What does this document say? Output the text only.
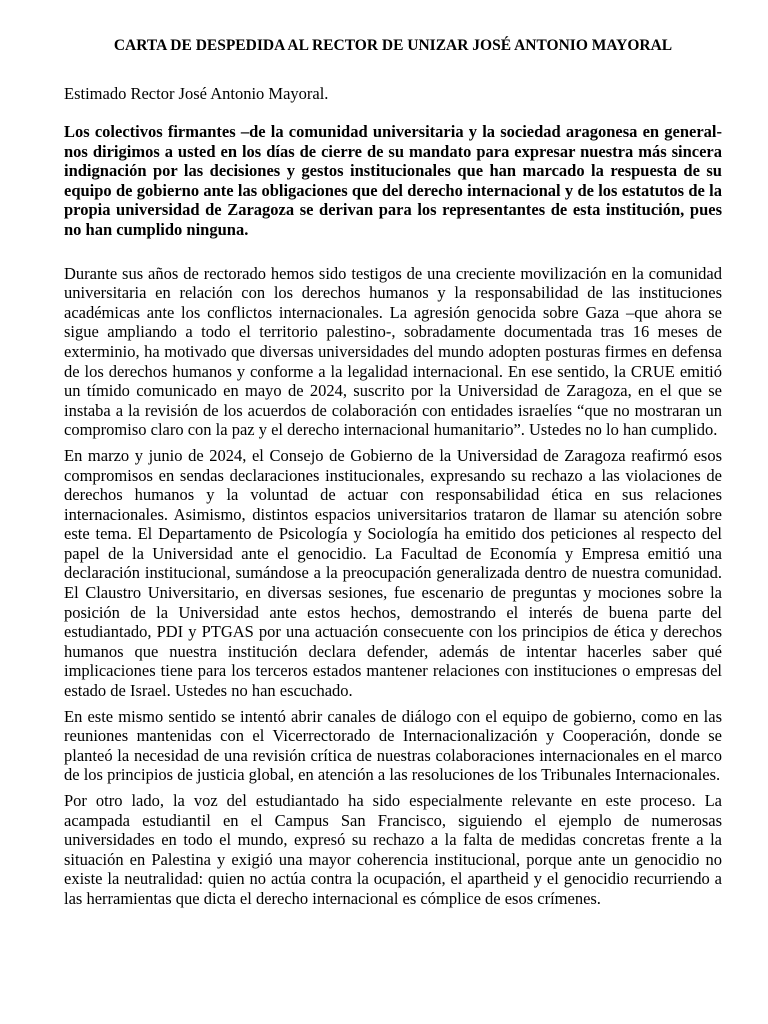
CARTA DE DESPEDIDA AL RECTOR DE UNIZAR JOSÉ ANTONIO MAYORAL
Estimado Rector José Antonio Mayoral.
Los colectivos firmantes –de la comunidad universitaria y la sociedad aragonesa en general- nos dirigimos a usted en los días de cierre de su mandato para expresar nuestra más sincera indignación por las decisiones y gestos institucionales que han marcado la respuesta de su equipo de gobierno ante las obligaciones que del derecho internacional y de los estatutos de la propia universidad de Zaragoza se derivan para los representantes de esta institución, pues no han cumplido ninguna.
Durante sus años de rectorado hemos sido testigos de una creciente movilización en la comunidad universitaria en relación con los derechos humanos y la responsabilidad de las instituciones académicas ante los conflictos internacionales. La agresión genocida sobre Gaza –que ahora se sigue ampliando a todo el territorio palestino-, sobradamente documentada tras 16 meses de exterminio, ha motivado que diversas universidades del mundo adopten posturas firmes en defensa de los derechos humanos y conforme a la legalidad internacional. En ese sentido, la CRUE emitió un tímido comunicado en mayo de 2024, suscrito por la Universidad de Zaragoza, en el que se instaba a la revisión de los acuerdos de colaboración con entidades israelíes “que no mostraran un compromiso claro con la paz y el derecho internacional humanitario”. Ustedes no lo han cumplido.
En marzo y junio de 2024, el Consejo de Gobierno de la Universidad de Zaragoza reafirmó esos compromisos en sendas declaraciones institucionales, expresando su rechazo a las violaciones de derechos humanos y la voluntad de actuar con responsabilidad ética en sus relaciones internacionales. Asimismo, distintos espacios universitarios trataron de llamar su atención sobre este tema. El Departamento de Psicología y Sociología ha emitido dos peticiones al respecto del papel de la Universidad ante el genocidio. La Facultad de Economía y Empresa emitió una declaración institucional, sumándose a la preocupación generalizada dentro de nuestra comunidad. El Claustro Universitario, en diversas sesiones, fue escenario de preguntas y mociones sobre la posición de la Universidad ante estos hechos, demostrando el interés de buena parte del estudiantado, PDI y PTGAS por una actuación consecuente con los principios de ética y derechos humanos que nuestra institución declara defender, además de intentar hacerles saber qué implicaciones tiene para los terceros estados mantener relaciones con instituciones o empresas del estado de Israel. Ustedes no han escuchado.
En este mismo sentido se intentó abrir canales de diálogo con el equipo de gobierno, como en las reuniones mantenidas con el Vicerrectorado de Internacionalización y Cooperación, donde se planteó la necesidad de una revisión crítica de nuestras colaboraciones internacionales en el marco de los principios de justicia global, en atención a las resoluciones de los Tribunales Internacionales.
Por otro lado, la voz del estudiantado ha sido especialmente relevante en este proceso. La acampada estudiantil en el Campus San Francisco, siguiendo el ejemplo de numerosas universidades en todo el mundo, expresó su rechazo a la falta de medidas concretas frente a la situación en Palestina y exigió una mayor coherencia institucional, porque ante un genocidio no existe la neutralidad: quien no actúa contra la ocupación, el apartheid y el genocidio recurriendo a las herramientas que dicta el derecho internacional es cómplice de esos crímenes.
